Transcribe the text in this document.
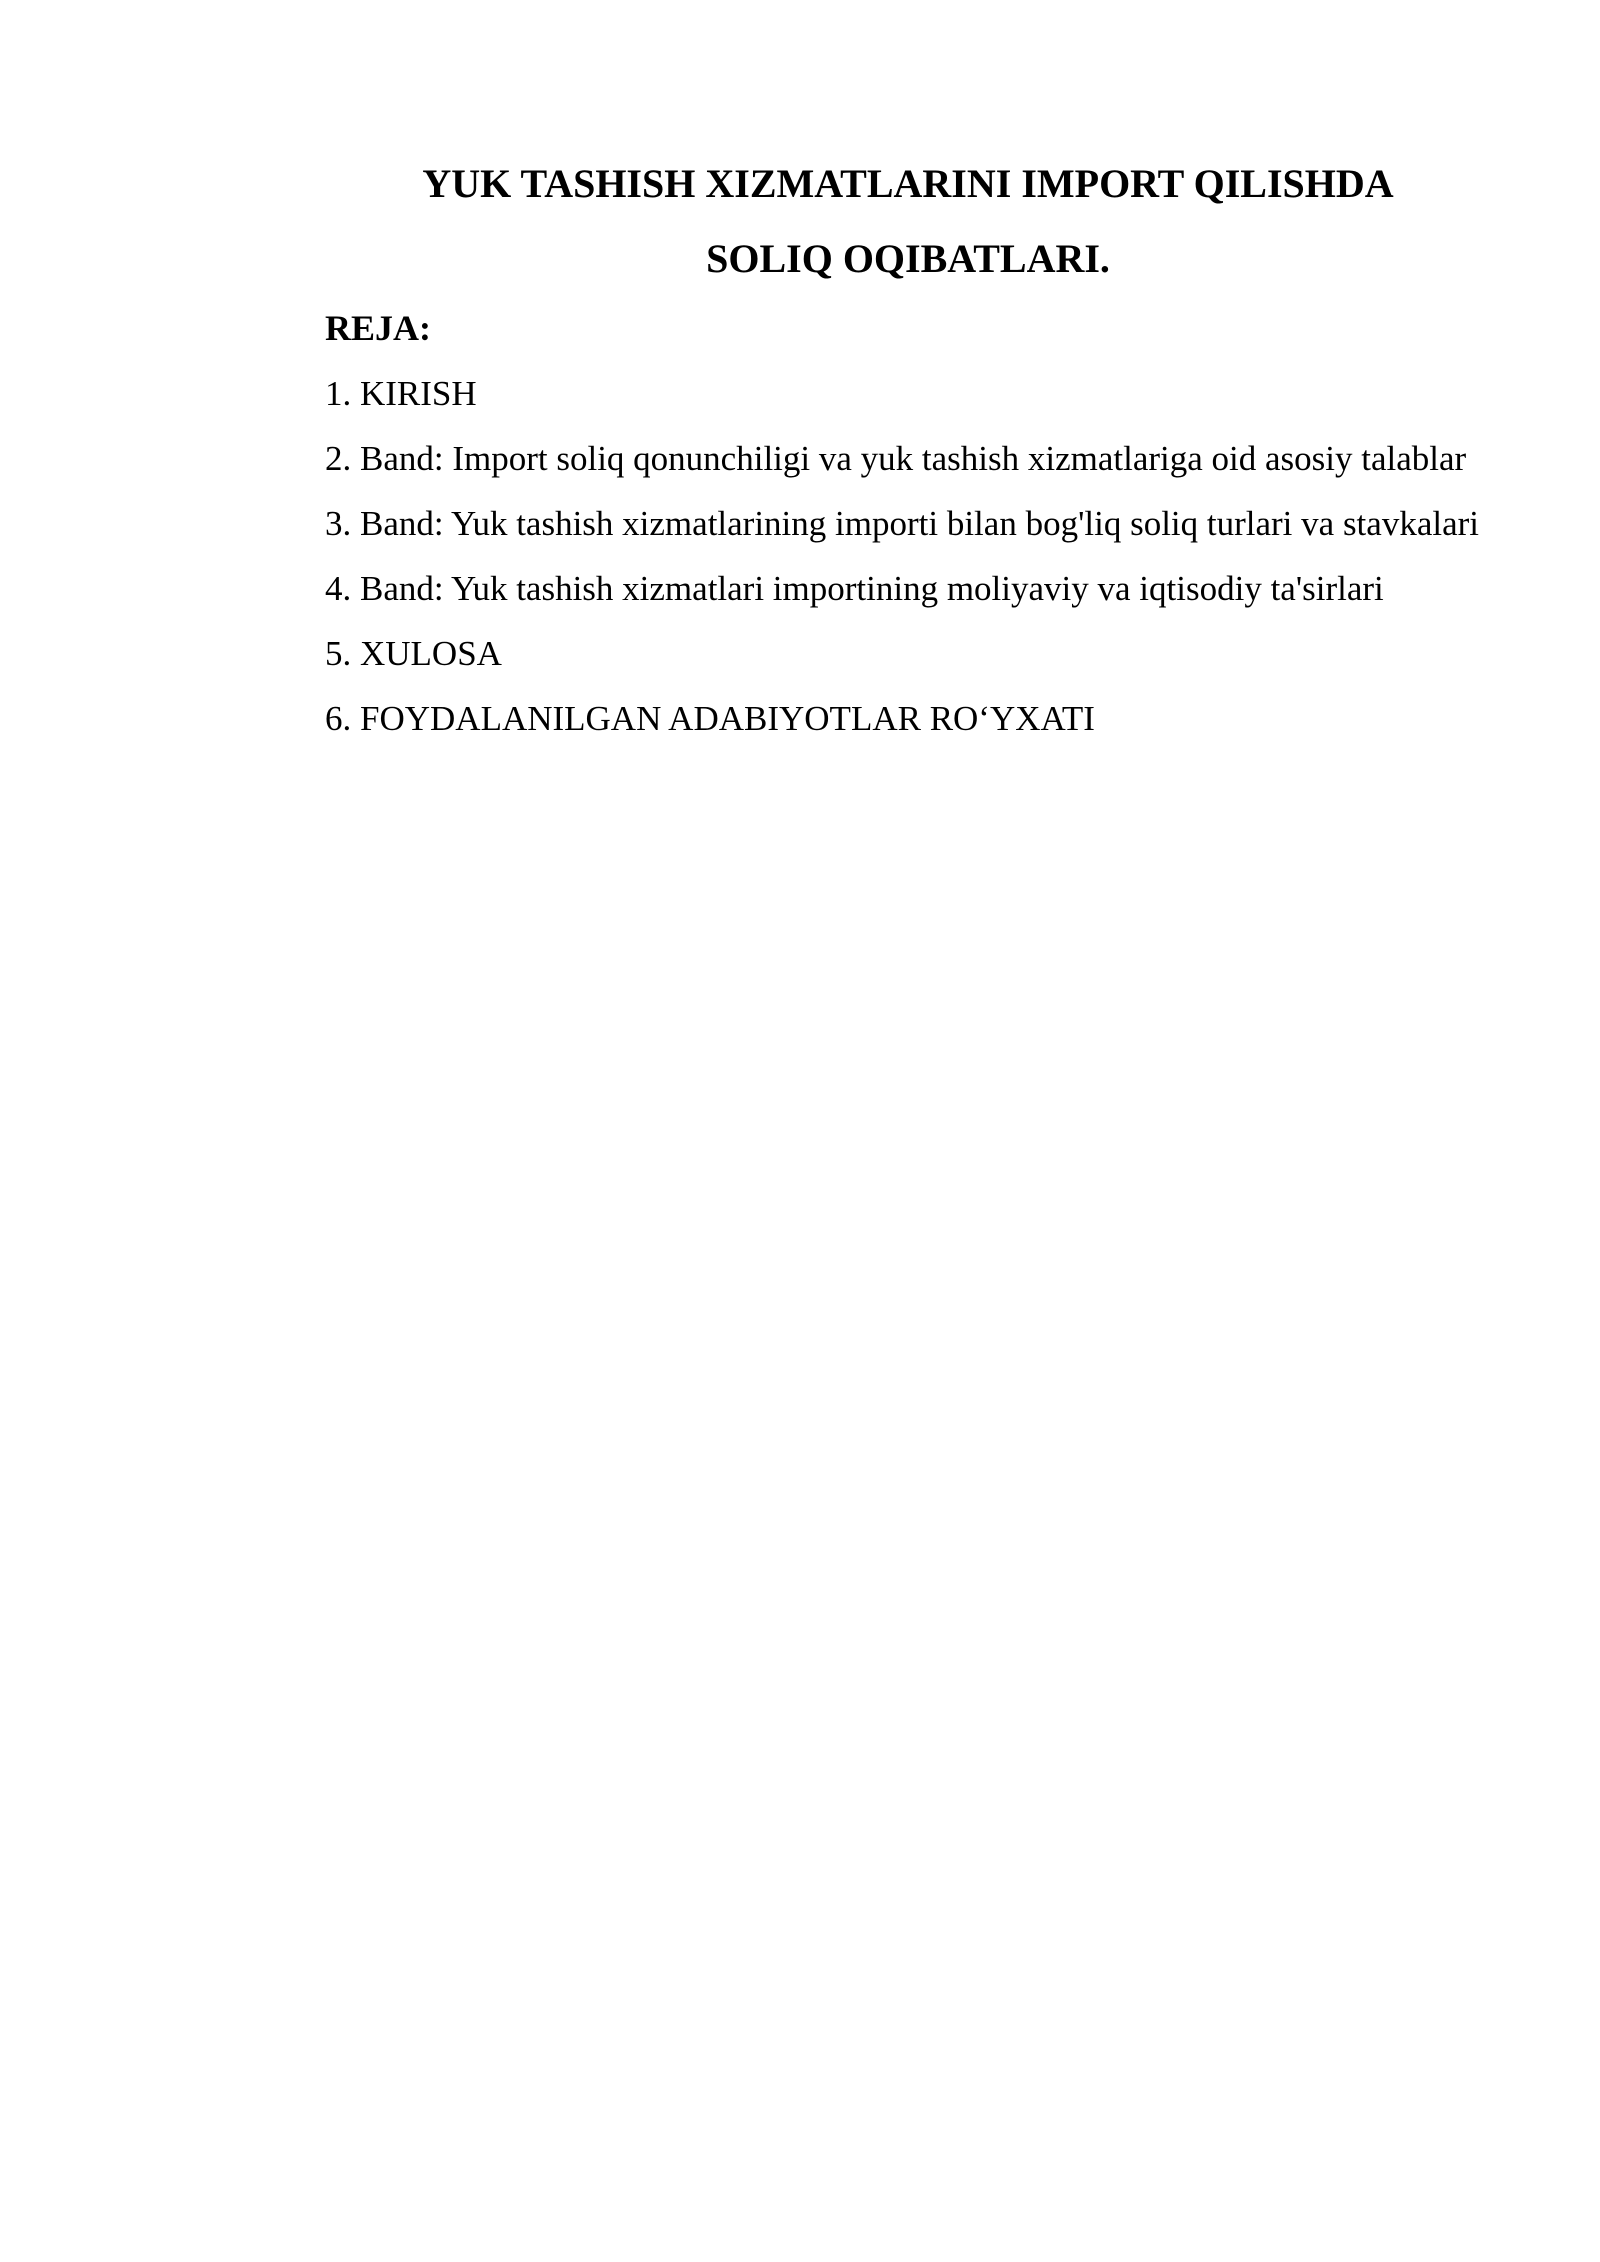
YUK TASHISH XIZMATLARINI IMPORT QILISHDA
SOLIQ OQIBATLARI.

REJA:

1. KIRISH

2. Band: Import soliq qonunchiligi va yuk tashish xizmatlariga oid asosiy talablar

3. Band: Yuk tashish xizmatlarining importi bilan bog'liq soliq turlari va stavkalari

4. Band: Yuk tashish xizmatlari importining moliyaviy va iqtisodiy ta'sirlari

5. XULOSA

6. FOYDALANILGAN ADABIYOTLAR RO‘YXATI
